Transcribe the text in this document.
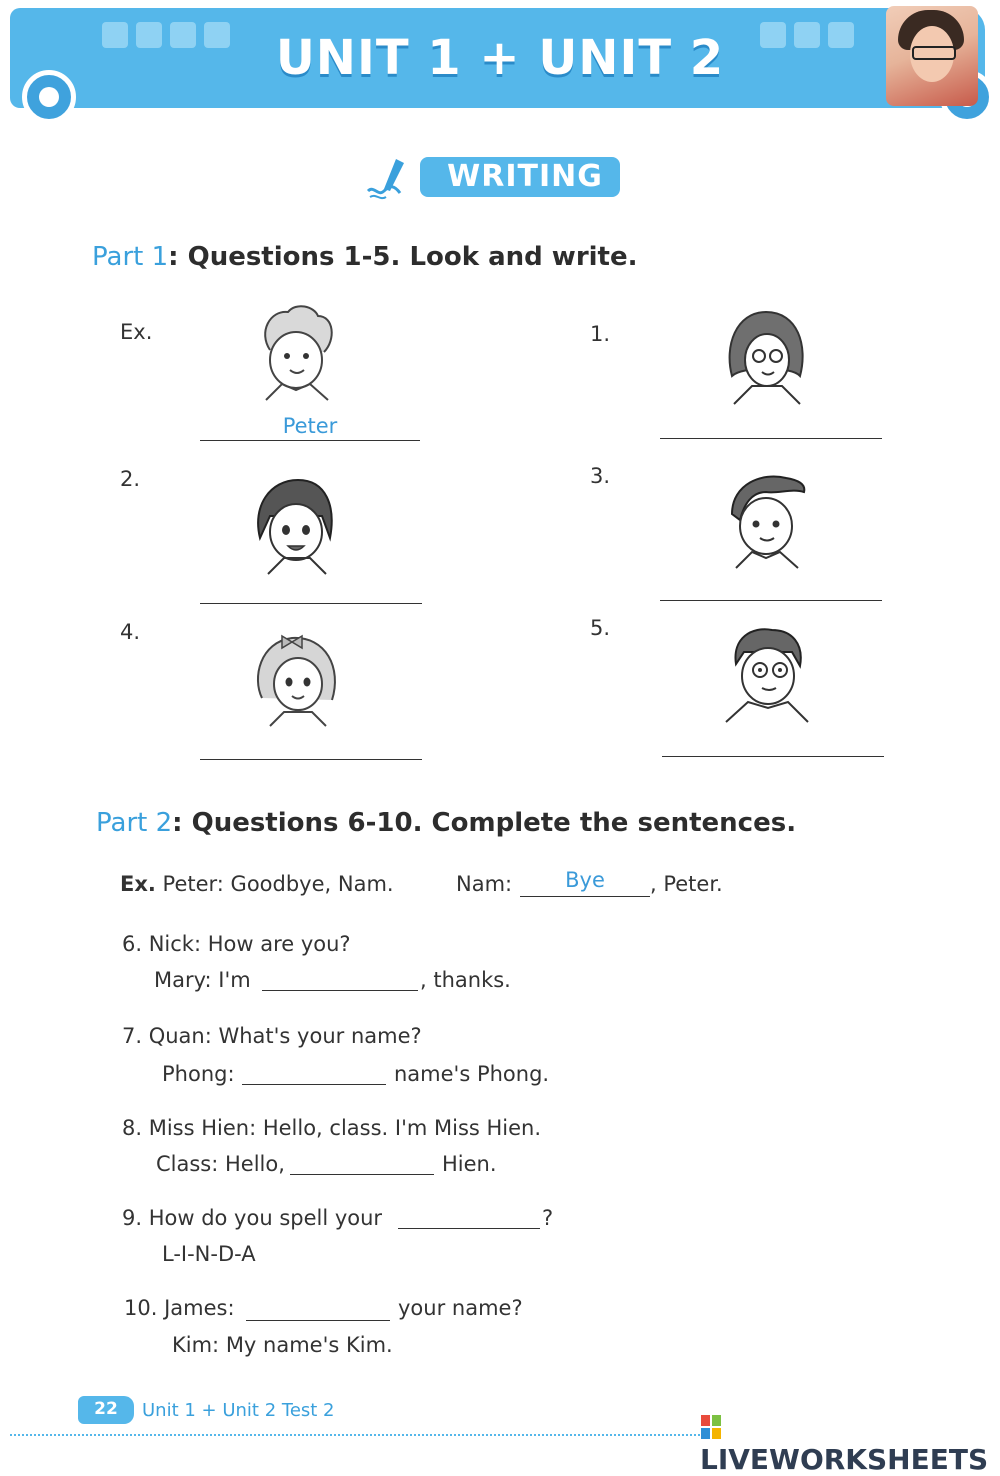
UNIT 1 + UNIT 2
WRITING
Part 1: Questions 1-5. Look and write.
Ex.
Peter
1.
2.	3.
4.	5.
Part 2: Questions 6-10. Complete the sentences.
Ex. Peter: Goodbye, Nam.	Nam:	Bye	, Peter.
6. Nick: How are you?
Mary: I'm	, thanks.
7. Quan: What's your name?
Phong:	name's Phong.
8. Miss Hien: Hello, class. I'm Miss Hien.
Class: Hello,	Hien.
9. How do you spell your	?
L-I-N-D-A
10. James:	your name?
Kim: My name's Kim.
22	Unit 1 + Unit 2 Test 2
LIVEWORKSHEETS
